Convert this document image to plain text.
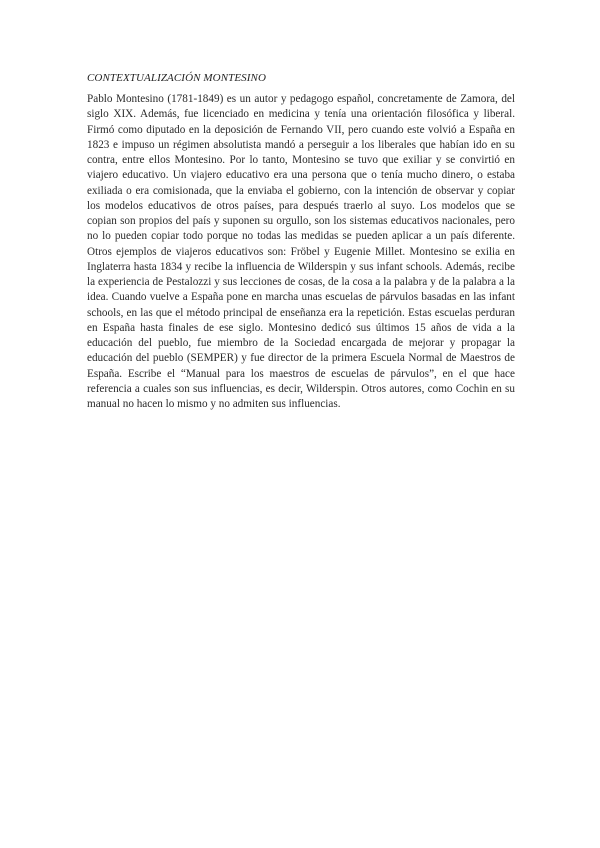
CONTEXTUALIZACIÓN MONTESINO

Pablo Montesino (1781-1849) es un autor y pedagogo español, concretamente de Zamora, del siglo XIX. Además, fue licenciado en medicina y tenía una orientación filosófica y liberal. Firmó como diputado en la deposición de Fernando VII, pero cuando este volvió a España en 1823 e impuso un régimen absolutista mandó a perseguir a los liberales que habían ido en su contra, entre ellos Montesino. Por lo tanto, Montesino se tuvo que exiliar y se convirtió en viajero educativo. Un viajero educativo era una persona que o tenía mucho dinero, o estaba exiliada o era comisionada, que la enviaba el gobierno, con la intención de observar y copiar los modelos educativos de otros países, para después traerlo al suyo. Los modelos que se copian son propios del país y suponen su orgullo, son los sistemas educativos nacionales, pero no lo pueden copiar todo porque no todas las medidas se pueden aplicar a un país diferente. Otros ejemplos de viajeros educativos son: Fröbel y Eugenie Millet. Montesino se exilia en Inglaterra hasta 1834 y recibe la influencia de Wilderspin y sus infant schools. Además, recibe la experiencia de Pestalozzi y sus lecciones de cosas, de la cosa a la palabra y de la palabra a la idea. Cuando vuelve a España pone en marcha unas escuelas de párvulos basadas en las infant schools, en las que el método principal de enseñanza era la repetición. Estas escuelas perduran en España hasta finales de ese siglo. Montesino dedicó sus últimos 15 años de vida a la educación del pueblo, fue miembro de la Sociedad encargada de mejorar y propagar la educación del pueblo (SEMPER) y fue director de la primera Escuela Normal de Maestros de España. Escribe el “Manual para los maestros de escuelas de párvulos”, en el que hace referencia a cuales son sus influencias, es decir, Wilderspin. Otros autores, como Cochin en su manual no hacen lo mismo y no admiten sus influencias.
